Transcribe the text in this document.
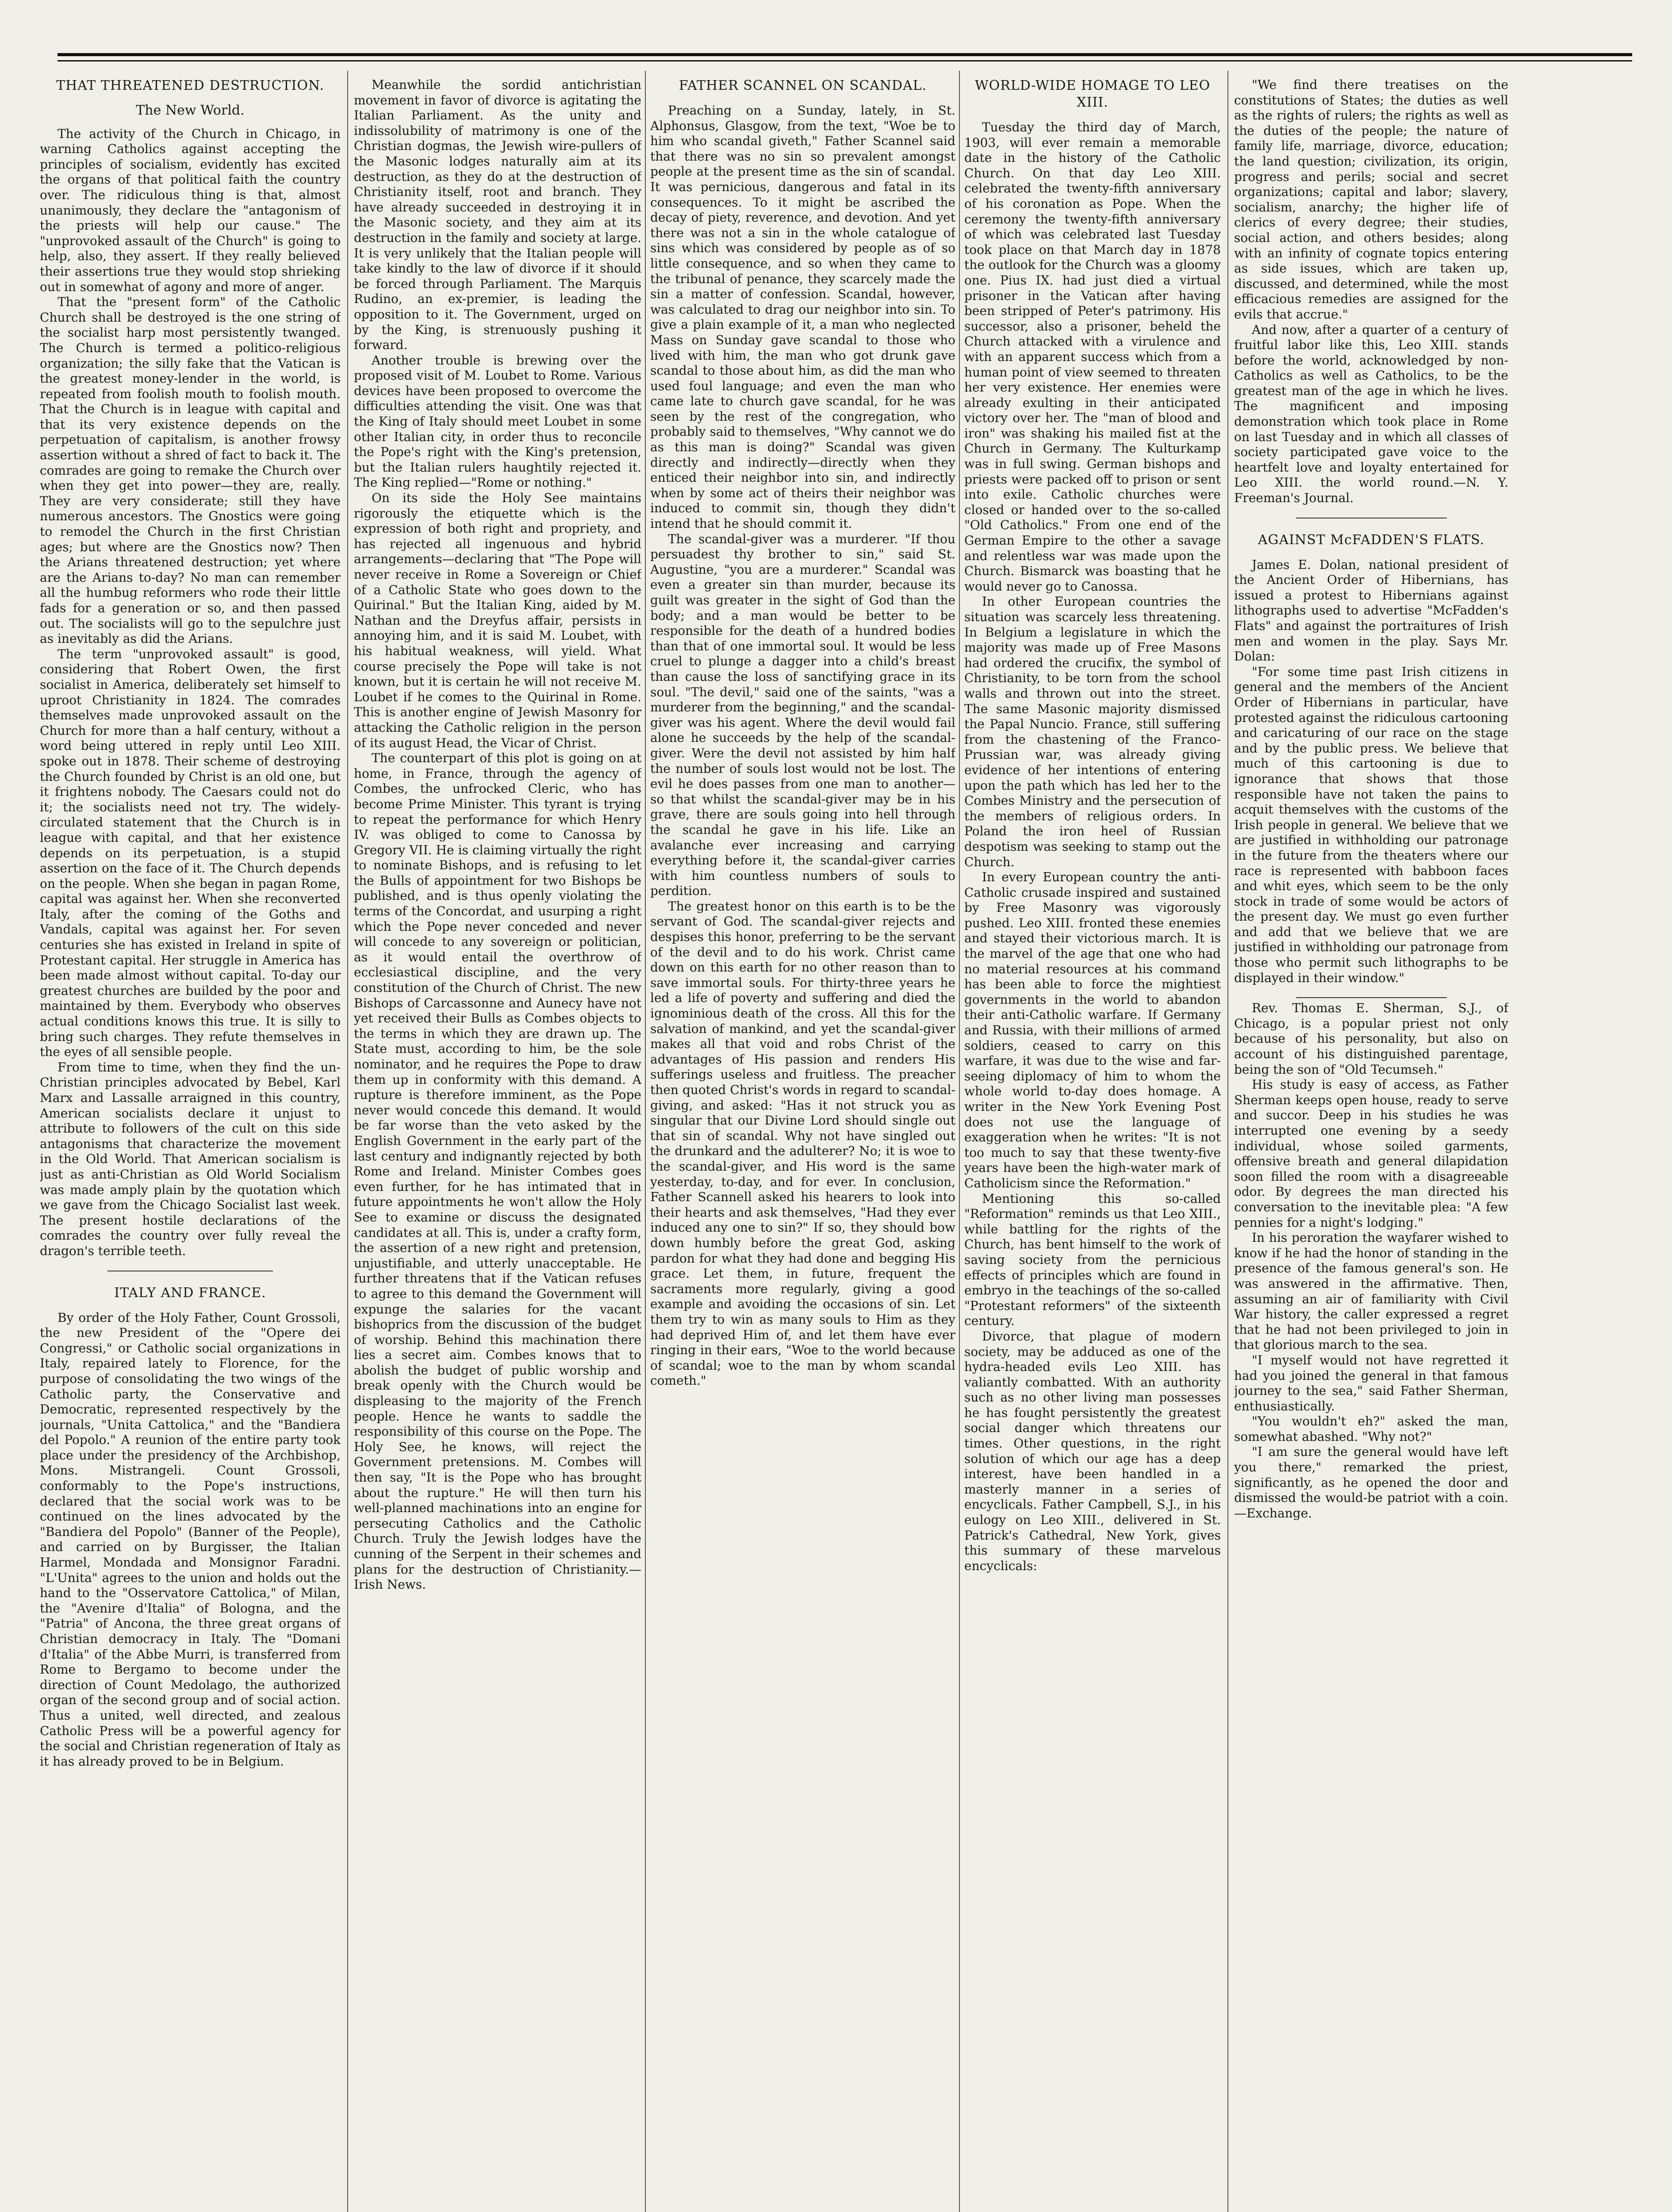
THAT THREATENED DESTRUCTION.
The New World.

The activity of the Church in Chicago, in warning Catholics against accepting the principles of socialism, evidently has excited the organs of that political faith the country over. The ridiculous thing is that, almost unanimously, they declare the "antagonism of the priests will help our cause." The "unprovoked assault of the Church" is going to help, also, they assert. If they really believed their assertions true they would stop shrieking out in somewhat of agony and more of anger.

That the "present form" of the Catholic Church shall be destroyed is the one string of the socialist harp most persistently twanged. The Church is termed a politico-religious organization; the silly fake that the Vatican is the greatest money-lender in the world, is repeated from foolish mouth to foolish mouth. That the Church is in league with capital and that its very existence depends on the perpetuation of capitalism, is another frowsy assertion without a shred of fact to back it. The comrades are going to remake the Church over when they get into power—they are, really. They are very considerate; still they have numerous ancestors. The Gnostics were going to remodel the Church in the first Christian ages; but where are the Gnostics now? Then the Arians threatened destruction; yet where are the Arians to-day? No man can remember all the humbug reformers who rode their little fads for a generation or so, and then passed out. The socialists will go to the sepulchre just as inevitably as did the Arians.

The term "unprovoked assault" is good, considering that Robert Owen, the first socialist in America, deliberately set himself to uproot Christianity in 1824. The comrades themselves made unprovoked assault on the Church for more than a half century, without a word being uttered in reply until Leo XIII. spoke out in 1878. Their scheme of destroying the Church founded by Christ is an old one, but it frightens nobody. The Caesars could not do it; the socialists need not try. The widely-circulated statement that the Church is in league with capital, and that her existence depends on its perpetuation, is a stupid assertion on the face of it. The Church depends on the people. When she began in pagan Rome, capital was against her. When she reconverted Italy, after the coming of the Goths and Vandals, capital was against her. For seven centuries she has existed in Ireland in spite of Protestant capital. Her struggle in America has been made almost without capital. To-day our greatest churches are builded by the poor and maintained by them. Everybody who observes actual conditions knows this true. It is silly to bring such charges. They refute themselves in the eyes of all sensible people.

From time to time, when they find the un-Christian principles advocated by Bebel, Karl Marx and Lassalle arraigned in this country, American socialists declare it unjust to attribute to followers of the cult on this side antagonisms that characterize the movement in the Old World. That American socialism is just as anti-Christian as Old World Socialism was made amply plain by the quotation which we gave from the Chicago Socialist last week. The present hostile declarations of the comrades the country over fully reveal the dragon's terrible teeth.

ITALY AND FRANCE.

By order of the Holy Father, Count Grossoli, the new President of the "Opere dei Congressi," or Catholic social organizations in Italy, repaired lately to Florence, for the purpose of consolidating the two wings of the Catholic party, the Conservative and Democratic, represented respectively by the journals, "Unita Cattolica," and the "Bandiera del Popolo." A reunion of the entire party took place under the presidency of the Archbishop, Mons. Mistrangeli. Count Grossoli, conformably to the Pope's instructions, declared that the social work was to be continued on the lines advocated by the "Bandiera del Popolo" (Banner of the People), and carried on by Burgisser, the Italian Harmel, Mondada and Monsignor Faradni. "L'Unita" agrees to the union and holds out the hand to the "Osservatore Cattolica," of Milan, the "Avenire d'Italia" of Bologna, and the "Patria" of Ancona, the three great organs of Christian democracy in Italy. The "Domani d'Italia" of the Abbe Murri, is transferred from Rome to Bergamo to become under the direction of Count Medolago, the authorized organ of the second group and of social action. Thus a united, well directed, and zealous Catholic Press will be a powerful agency for the social and Christian regeneration of Italy as it has already proved to be in Belgium.

Meanwhile the sordid antichristian movement in favor of divorce is agitating the Italian Parliament. As the unity and indissolubility of matrimony is one of the Christian dogmas, the Jewish wire-pullers of the Masonic lodges naturally aim at its destruction, as they do at the destruction of Christianity itself, root and branch. They have already succeeded in destroying it in the Masonic society, and they aim at its destruction in the family and society at large. It is very unlikely that the Italian people will take kindly to the law of divorce if it should be forced through Parliament. The Marquis Rudino, an ex-premier, is leading the opposition to it. The Government, urged on by the King, is strenuously pushing it forward.

Another trouble is brewing over the proposed visit of M. Loubet to Rome. Various devices have been proposed to overcome the difficulties attending the visit. One was that the King of Italy should meet Loubet in some other Italian city, in order thus to reconcile the Pope's right with the King's pretension, but the Italian rulers haughtily rejected it. The King replied—"Rome or nothing."

On its side the Holy See maintains rigorously the etiquette which is the expression of both right and propriety, and has rejected all ingenuous and hybrid arrangements—declaring that "The Pope will never receive in Rome a Sovereign or Chief of a Catholic State who goes down to the Quirinal." But the Italian King, aided by M. Nathan and the Dreyfus affair, persists in annoying him, and it is said M. Loubet, with his habitual weakness, will yield. What course precisely the Pope will take is not known, but it is certain he will not receive M. Loubet if he comes to the Quirinal in Rome. This is another engine of Jewish Masonry for attacking the Catholic religion in the person of its august Head, the Vicar of Christ.

The counterpart of this plot is going on at home, in France, through the agency of Combes, the unfrocked Cleric, who has become Prime Minister. This tyrant is trying to repeat the performance for which Henry IV. was obliged to come to Canossa by Gregory VII. He is claiming virtually the right to nominate Bishops, and is refusing to let the Bulls of appointment for two Bishops be published, and is thus openly violating the terms of the Concordat, and usurping a right which the Pope never conceded and never will concede to any sovereign or politician, as it would entail the overthrow of ecclesiastical discipline, and the very constitution of the Church of Christ. The new Bishops of Carcassonne and Aunecy have not yet received their Bulls as Combes objects to the terms in which they are drawn up. The State must, according to him, be the sole nominator, and he requires the Pope to draw them up in conformity with this demand. A rupture is therefore imminent, as the Pope never would concede this demand. It would be far worse than the veto asked by the English Government in the early part of the last century and indignantly rejected by both Rome and Ireland. Minister Combes goes even further, for he has intimated that in future appointments he won't allow the Holy See to examine or discuss the designated candidates at all. This is, under a crafty form, the assertion of a new right and pretension, unjustifiable, and utterly unacceptable. He further threatens that if the Vatican refuses to agree to this demand the Government will expunge the salaries for the vacant bishoprics from the discussion of the budget of worship. Behind this machination there lies a secret aim. Combes knows that to abolish the budget of public worship and break openly with the Church would be displeasing to the majority of the French people. Hence he wants to saddle the responsibility of this course on the Pope. The Holy See, he knows, will reject the Government pretensions. M. Combes will then say, "It is the Pope who has brought about the rupture." He will then turn his well-planned machinations into an engine for persecuting Catholics and the Catholic Church. Truly the Jewish lodges have the cunning of the Serpent in their schemes and plans for the destruction of Christianity.—Irish News.

FATHER SCANNEL ON SCANDAL.

Preaching on a Sunday, lately, in St. Alphonsus, Glasgow, from the text, "Woe be to him who scandal giveth," Father Scannel said that there was no sin so prevalent amongst people at the present time as the sin of scandal. It was pernicious, dangerous and fatal in its consequences. To it might be ascribed the decay of piety, reverence, and devotion. And yet there was not a sin in the whole catalogue of sins which was considered by people as of so little consequence, and so when they came to the tribunal of penance, they scarcely made the sin a matter of confession. Scandal, however, was calculated to drag our neighbor into sin. To give a plain example of it, a man who neglected Mass on Sunday gave scandal to those who lived with him, the man who got drunk gave scandal to those about him, as did the man who used foul language; and even the man who came late to church gave scandal, for he was seen by the rest of the congregation, who probably said to themselves, "Why cannot we do as this man is doing?" Scandal was given directly and indirectly—directly when they enticed their neighbor into sin, and indirectly when by some act of theirs their neighbor was induced to commit sin, though they didn't intend that he should commit it.

The scandal-giver was a murderer. "If thou persuadest thy brother to sin," said St. Augustine, "you are a murderer." Scandal was even a greater sin than murder, because its guilt was greater in the sight of God than the body; and a man would be better to be responsible for the death of a hundred bodies than that of one immortal soul. It would be less cruel to plunge a dagger into a child's breast than cause the loss of sanctifying grace in its soul. "The devil," said one of the saints, "was a murderer from the beginning," and the scandal-giver was his agent. Where the devil would fail alone he succeeds by the help of the scandal-giver. Were the devil not assisted by him half the number of souls lost would not be lost. The evil he does passes from one man to another—so that whilst the scandal-giver may be in his grave, there are souls going into hell through the scandal he gave in his life. Like an avalanche ever increasing and carrying everything before it, the scandal-giver carries with him countless numbers of souls to perdition.

The greatest honor on this earth is to be the servant of God. The scandal-giver rejects and despises this honor, preferring to be the servant of the devil and to do his work. Christ came down on this earth for no other reason than to save immortal souls. For thirty-three years he led a life of poverty and suffering and died the ignominious death of the cross. All this for the salvation of mankind, and yet the scandal-giver makes all that void and robs Christ of the advantages of His passion and renders His sufferings useless and fruitless. The preacher then quoted Christ's words in regard to scandal-giving, and asked: "Has it not struck you as singular that our Divine Lord should single out that sin of scandal. Why not have singled out the drunkard and the adulterer? No; it is woe to the scandal-giver, and His word is the same yesterday, to-day, and for ever. In conclusion, Father Scannell asked his hearers to look into their hearts and ask themselves, "Had they ever induced any one to sin?" If so, they should bow down humbly before the great God, asking pardon for what they had done and begging His grace. Let them, in future, frequent the sacraments more regularly, giving a good example and avoiding the occasions of sin. Let them try to win as many souls to Him as they had deprived Him of, and let them have ever ringing in their ears, "Woe to the world because of scandal; woe to the man by whom scandal cometh."

WORLD-WIDE HOMAGE TO LEO XIII.

Tuesday the third day of March, 1903, will ever remain a memorable date in the history of the Catholic Church. On that day Leo XIII. celebrated the twenty-fifth anniversary of his coronation as Pope. When the ceremony the twenty-fifth anniversary of which was celebrated last Tuesday took place on that March day in 1878 the outlook for the Church was a gloomy one. Pius IX. had just died a virtual prisoner in the Vatican after having been stripped of Peter's patrimony. His successor, also a prisoner, beheld the Church attacked with a virulence and with an apparent success which from a human point of view seemed to threaten her very existence. Her enemies were already exulting in their anticipated victory over her. The "man of blood and iron" was shaking his mailed fist at the Church in Germany. The Kulturkamp was in full swing. German bishops and priests were packed off to prison or sent into exile. Catholic churches were closed or handed over to the so-called "Old Catholics." From one end of the German Empire to the other a savage and relentless war was made upon the Church. Bismarck was boasting that he would never go to Canossa.

In other European countries the situation was scarcely less threatening. In Belgium a legislature in which the majority was made up of Free Masons had ordered the crucifix, the symbol of Christianity, to be torn from the school walls and thrown out into the street. The same Masonic majority dismissed the Papal Nuncio. France, still suffering from the chastening of the Franco-Prussian war, was already giving evidence of her intentions of entering upon the path which has led her to the Combes Ministry and the persecution of the members of religious orders. In Poland the iron heel of Russian despotism was seeking to stamp out the Church.

In every European country the anti-Catholic crusade inspired and sustained by Free Masonry was vigorously pushed. Leo XIII. fronted these enemies and stayed their victorious march. It is the marvel of the age that one who had no material resources at his command has been able to force the mightiest governments in the world to abandon their anti-Catholic warfare. If Germany and Russia, with their millions of armed soldiers, ceased to carry on this warfare, it was due to the wise and far-seeing diplomacy of him to whom the whole world to-day does homage. A writer in the New York Evening Post does not use the language of exaggeration when he writes: "It is not too much to say that these twenty-five years have been the high-water mark of Catholicism since the Reformation."

Mentioning this so-called "Reformation" reminds us that Leo XIII., while battling for the rights of the Church, has bent himself to the work of saving society from the pernicious effects of principles which are found in embryo in the teachings of the so-called "Protestant reformers" of the sixteenth century.

Divorce, that plague of modern society, may be adduced as one of the hydra-headed evils Leo XIII. has valiantly combatted. With an authority such as no other living man possesses he has fought persistently the greatest social danger which threatens our times. Other questions, in the right solution of which our age has a deep interest, have been handled in a masterly manner in a series of encyclicals. Father Campbell, S.J., in his eulogy on Leo XIII., delivered in St. Patrick's Cathedral, New York, gives this summary of these marvelous encyclicals:

"We find there treatises on the constitutions of States; the duties as well as the rights of rulers; the rights as well as the duties of the people; the nature of family life, marriage, divorce, education; the land question; civilization, its origin, progress and perils; social and secret organizations; capital and labor; slavery, socialism, anarchy; the higher life of clerics of every degree; their studies, social action, and others besides; along with an infinity of cognate topics entering as side issues, which are taken up, discussed, and determined, while the most efficacious remedies are assigned for the evils that accrue."

And now, after a quarter of a century of fruitful labor like this, Leo XIII. stands before the world, acknowledged by non-Catholics as well as Catholics, to be the greatest man of the age in which he lives. The magnificent and imposing demonstration which took place in Rome on last Tuesday and in which all classes of society participated gave voice to the heartfelt love and loyalty entertained for Leo XIII. the world round.—N. Y. Freeman's Journal.

AGAINST McFADDEN'S FLATS.

James E. Dolan, national president of the Ancient Order of Hibernians, has issued a protest to Hibernians against lithographs used to advertise "McFadden's Flats" and against the portraitures of Irish men and women in the play. Says Mr. Dolan:

"For some time past Irish citizens in general and the members of the Ancient Order of Hibernians in particular, have protested against the ridiculous cartooning and caricaturing of our race on the stage and by the public press. We believe that much of this cartooning is due to ignorance that shows that those responsible have not taken the pains to acquit themselves with the customs of the Irish people in general. We believe that we are justified in withholding our patronage in the future from the theaters where our race is represented with babboon faces and whit eyes, which seem to be the only stock in trade of some would be actors of the present day. We must go even further and add that we believe that we are justified in withholding our patronage from those who permit such lithographs to be displayed in their window."

Rev. Thomas E. Sherman, S.J., of Chicago, is a popular priest not only because of his personality, but also on account of his distinguished parentage, being the son of "Old Tecumseh."

His study is easy of access, as Father Sherman keeps open house, ready to serve and succor. Deep in his studies he was interrupted one evening by a seedy individual, whose soiled garments, offensive breath and general dilapidation soon filled the room with a disagreeable odor. By degrees the man directed his conversation to the inevitable plea: "A few pennies for a night's lodging."

In his peroration the wayfarer wished to know if he had the honor of standing in the presence of the famous general's son. He was answered in the affirmative. Then, assuming an air of familiarity with Civil War history, the caller expressed a regret that he had not been privileged to join in that glorious march to the sea.

"I myself would not have regretted it had you joined the general in that famous journey to the sea," said Father Sherman, enthusiastically.

"You wouldn't eh?" asked the man, somewhat abashed. "Why not?"

"I am sure the general would have left you there," remarked the priest, significantly, as he opened the door and dismissed the would-be patriot with a coin.—Exchange.
